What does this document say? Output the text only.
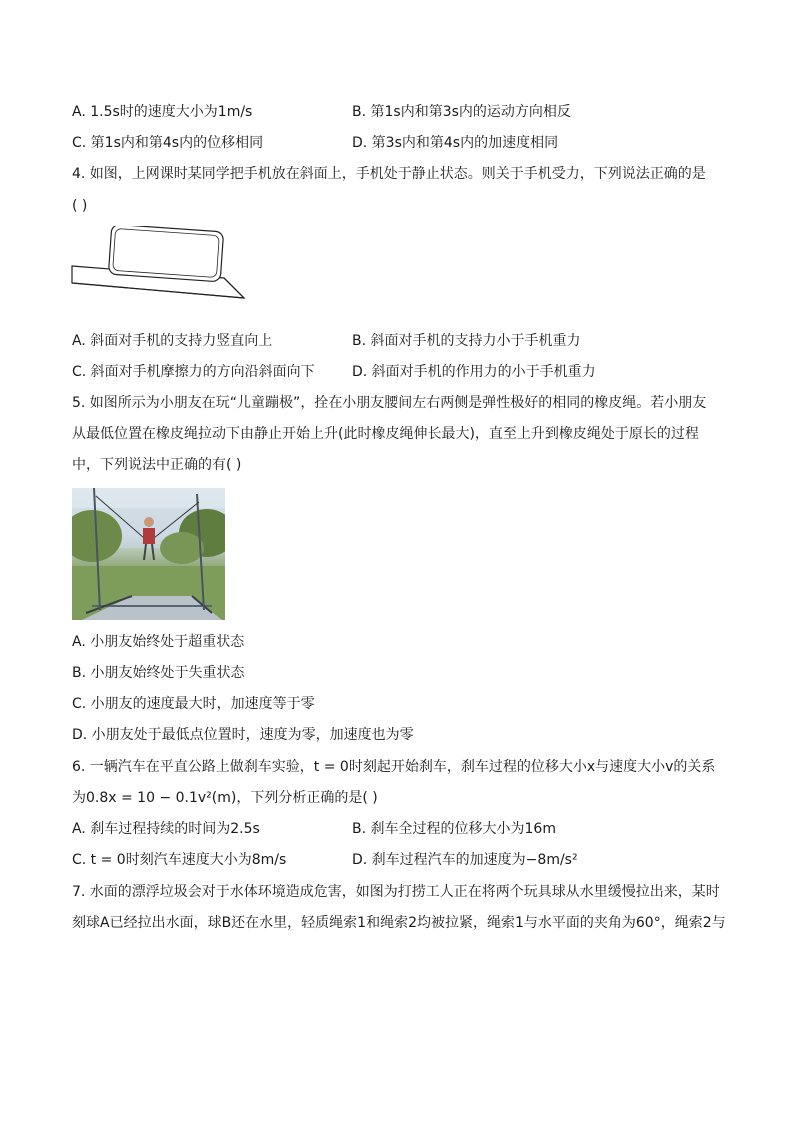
A. 1.5s时的速度大小为1m/s	B. 第1s内和第3s内的运动方向相反
C. 第1s内和第4s内的位移相同	D. 第3s内和第4s内的加速度相同
4. 如图，上网课时某同学把手机放在斜面上，手机处于静止状态。则关于手机受力，下列说法正确的是
( )
A. 斜面对手机的支持力竖直向上	B. 斜面对手机的支持力小于手机重力
C. 斜面对手机摩擦力的方向沿斜面向下	D. 斜面对手机的作用力的小于手机重力
5. 如图所示为小朋友在玩“儿童蹦极”，拴在小朋友腰间左右两侧是弹性极好的相同的橡皮绳。若小朋友
从最低位置在橡皮绳拉动下由静止开始上升(此时橡皮绳伸长最大)，直至上升到橡皮绳处于原长的过程
中，下列说法中正确的有( )
A. 小朋友始终处于超重状态
B. 小朋友始终处于失重状态
C. 小朋友的速度最大时，加速度等于零
D. 小朋友处于最低点位置时，速度为零，加速度也为零
6. 一辆汽车在平直公路上做刹车实验，t = 0时刻起开始刹车，刹车过程的位移大小x与速度大小v的关系
为0.8x = 10 − 0.1v²(m)，下列分析正确的是( )
A. 刹车过程持续的时间为2.5s	B. 刹车全过程的位移大小为16m
C. t = 0时刻汽车速度大小为8m/s	D. 刹车过程汽车的加速度为−8m/s²
7. 水面的漂浮垃圾会对于水体环境造成危害，如图为打捞工人正在将两个玩具球从水里缓慢拉出来，某时
刻球A已经拉出水面，球B还在水里，轻质绳索1和绳索2均被拉紧，绳索1与水平面的夹角为60°，绳索2与
